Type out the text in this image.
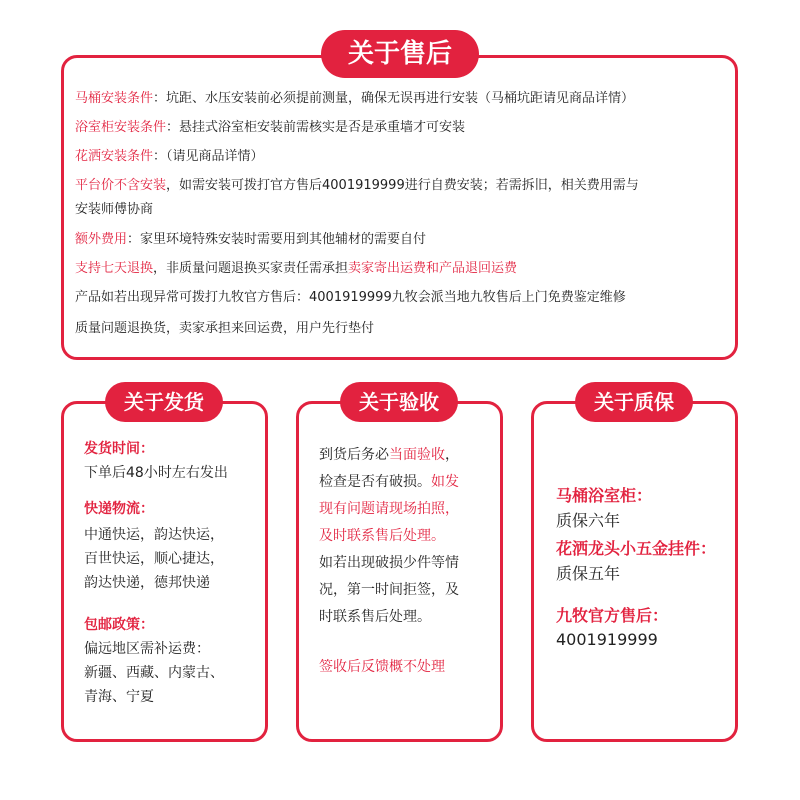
关于售后
马桶安装条件：坑距、水压安装前必须提前测量，确保无误再进行安装（马桶坑距请见商品详情）
浴室柜安装条件：悬挂式浴室柜安装前需核实是否是承重墙才可安装
花洒安装条件：（请见商品详情）
平台价不含安装，如需安装可拨打官方售后4001919999进行自费安装；若需拆旧，相关费用需与
安装师傅协商
额外费用：家里环境特殊安装时需要用到其他辅材的需要自付
支持七天退换，非质量问题退换买家责任需承担卖家寄出运费和产品退回运费
产品如若出现异常可拨打九牧官方售后：4001919999九牧会派当地九牧售后上门免费鉴定维修
质量问题退换货，卖家承担来回运费，用户先行垫付
关于发货
发货时间：
下单后48小时左右发出
快递物流：
中通快运，韵达快运，
百世快运，顺心捷达，
韵达快递，德邦快递
包邮政策：
偏远地区需补运费：
新疆、西藏、内蒙古、
青海、宁夏
关于验收
到货后务必当面验收，
检查是否有破损。如发
现有问题请现场拍照，
及时联系售后处理。
如若出现破损少件等情
况，第一时间拒签，及
时联系售后处理。
签收后反馈概不处理
关于质保
马桶浴室柜：
质保六年
花洒龙头小五金挂件：
质保五年
九牧官方售后：
4001919999
